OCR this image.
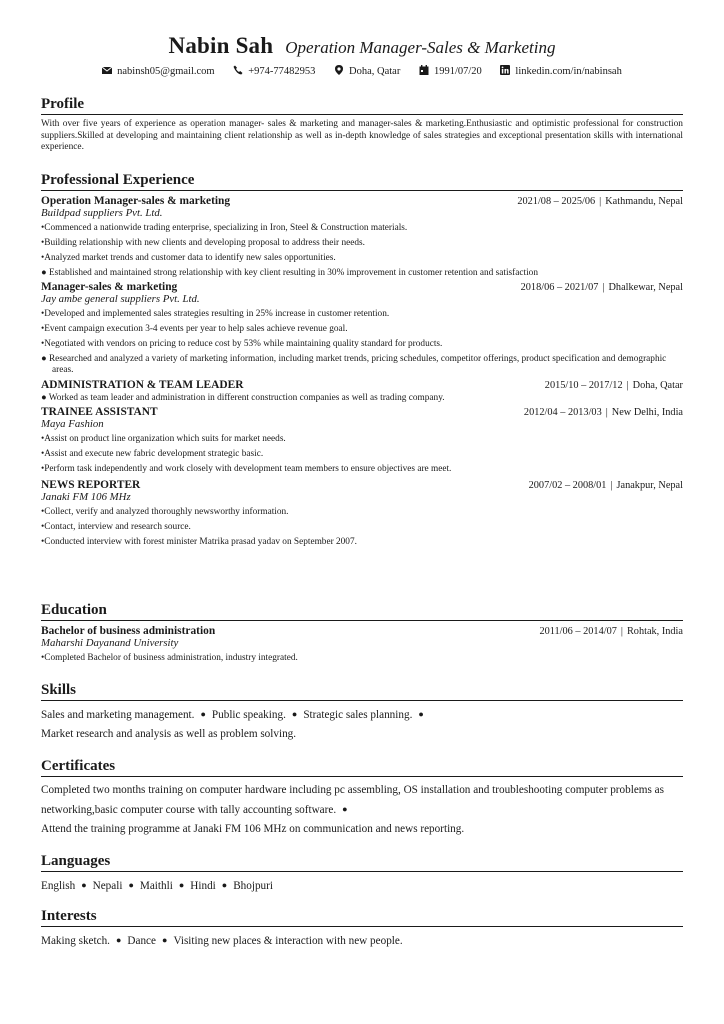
Nabin Sah Operation Manager-Sales & Marketing
nabinsh05@gmail.com	+974-77482953	Doha, Qatar	1991/07/20	linkedin.com/in/nabinsah
Profile
With over five years of experience as operation manager- sales & marketing and manager-sales & marketing.Enthusiastic and optimistic professional for construction suppliers.Skilled at developing and maintaining client relationship as well as in-depth knowledge of sales strategies and exceptional presentation skills with international experience.
Professional Experience
Operation Manager-sales & marketing	2021/08 – 2025/06 | Kathmandu, Nepal
Buildpad suppliers Pvt. Ltd.
•Commenced a nationwide trading enterprise, specializing in Iron, Steel & Construction materials.
•Building relationship with new clients and developing proposal to address their needs.
•Analyzed market trends and customer data to identify new sales opportunities.
● Established and maintained strong relationship with key client resulting in 30% improvement in customer retention and satisfaction
Manager-sales & marketing	2018/06 – 2021/07 | Dhalkewar, Nepal
Jay ambe general suppliers Pvt. Ltd.
•Developed and implemented sales strategies resulting in 25% increase in customer retention.
•Event campaign execution 3-4 events per year to help sales achieve revenue goal.
•Negotiated with vendors on pricing to reduce cost by 53% while maintaining quality standard for products.
● Researched and analyzed a variety of marketing information, including market trends, pricing schedules, competitor offerings, product specification and demographic areas.
ADMINISTRATION & TEAM LEADER	2015/10 – 2017/12 | Doha, Qatar
● Worked as team leader and administration in different construction companies as well as trading company.
TRAINEE ASSISTANT	2012/04 – 2013/03 | New Delhi, India
Maya Fashion
•Assist on product line organization which suits for market needs.
•Assist and execute new fabric development strategic basic.
•Perform task independently and work closely with development team members to ensure objectives are meet.
NEWS REPORTER	2007/02 – 2008/01 | Janakpur, Nepal
Janaki FM 106 MHz
•Collect, verify and analyzed thoroughly newsworthy information.
•Contact, interview and research source.
•Conducted interview with forest minister Matrika prasad yadav on September 2007.
Education
Bachelor of business administration	2011/06 – 2014/07 | Rohtak, India
Maharshi Dayanand University
•Completed Bachelor of business administration, industry integrated.
Skills
Sales and marketing management. ● Public speaking. ● Strategic sales planning. ●
Market research and analysis as well as problem solving.
Certificates
Completed two months training on computer hardware including pc assembling, OS installation and troubleshooting computer problems as networking,basic computer course with tally accounting software. ●
Attend the training programme at Janaki FM 106 MHz on communication and news reporting.
Languages
English ● Nepali ● Maithli ● Hindi ● Bhojpuri
Interests
Making sketch. ● Dance ● Visiting new places & interaction with new people.
